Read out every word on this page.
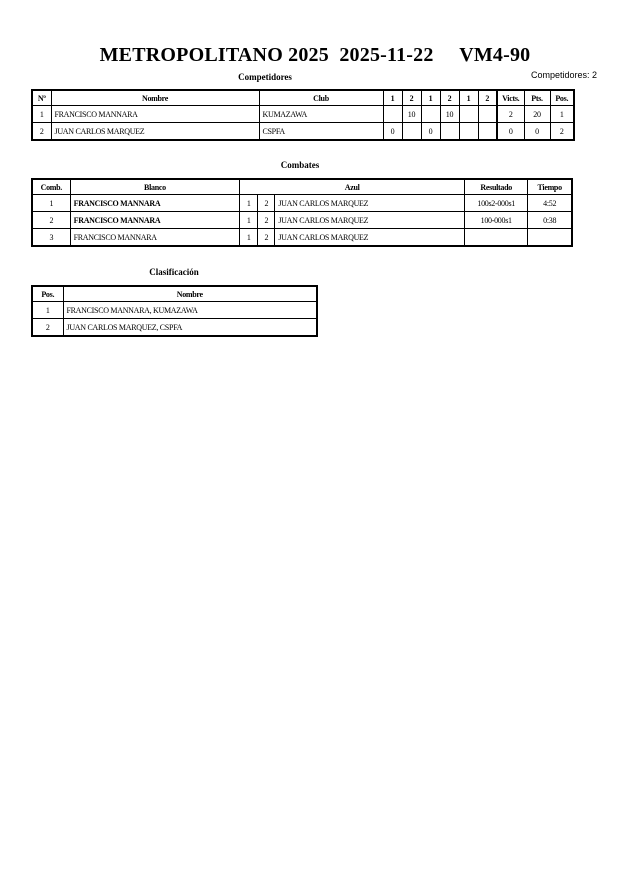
METROPOLITANO 2025  2025-11-22     VM4-90
Competidores	Competidores: 2
Nº	Nombre	Club	1	2	1	2	1	2	Victs.	Pts.	Pos.
1	FRANCISCO MANNARA	KUMAZAWA		10		10			2	20	1
2	JUAN CARLOS MARQUEZ	CSPFA	0		0				0	0	2
Combates
Comb.	Blanco	Azul			Resultado	Tiempo
1	FRANCISCO MANNARA	1	2	JUAN CARLOS MARQUEZ	100s2-000s1	4:52
2	FRANCISCO MANNARA	1	2	JUAN CARLOS MARQUEZ	100-000s1	0:38
3	FRANCISCO MANNARA	1	2	JUAN CARLOS MARQUEZ		
Clasificación
Pos.	Nombre
1	FRANCISCO MANNARA, KUMAZAWA
2	JUAN CARLOS MARQUEZ, CSPFA
